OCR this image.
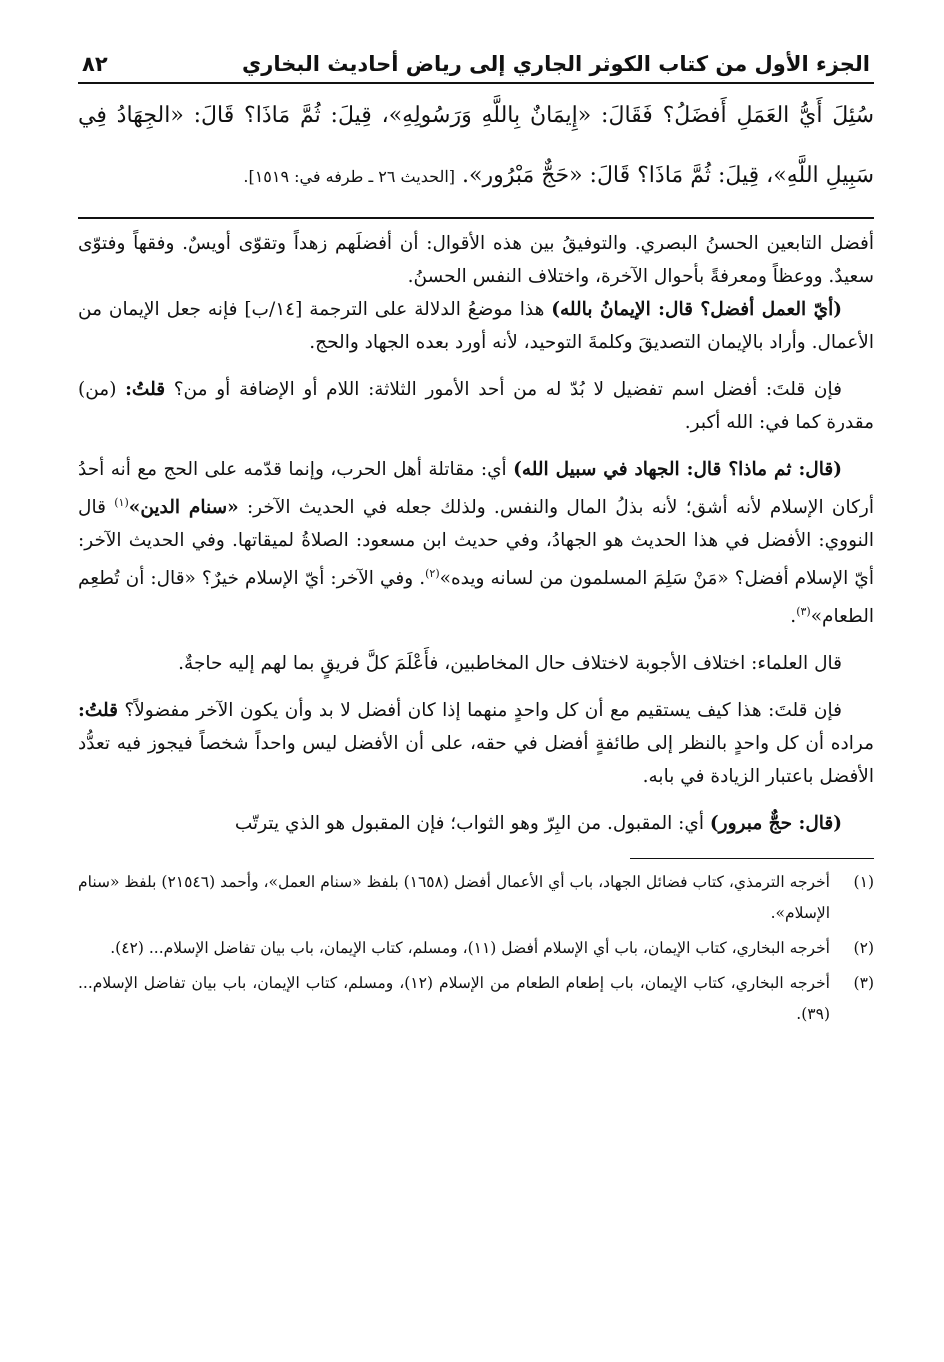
الجزء الأول من كتاب الكوثر الجاري إلى رياض أحاديث البخاري
٨٢
سُئِلَ أَيُّ العَمَلِ أَفضَلُ؟ فَقَالَ: «إِيمَانٌ بِاللَّهِ وَرَسُولِهِ»، قِيلَ: ثُمَّ مَاذَا؟ قَالَ: «الجِهَادُ فِي سَبِيلِ اللَّهِ»، قِيلَ: ثُمَّ مَاذَا؟ قَالَ: «حَجٌّ مَبْرُور». [الحديث ٢٦ ـ طرفه في: ١٥١٩].

أفضل التابعين الحسنُ البصري. والتوفيقُ بين هذه الأقوال: أن أفضلَهم زهداً وتقوّى أويسٌ. وفقهاً وفتوّى سعيدٌ. ووعظاً ومعرفةً بأحوال الآخرة، واختلاف النفس الحسنُ.

(أيّ العمل أفضل؟ قال: الإيمانُ بالله) هذا موضعُ الدلالة على الترجمة [١٤/ب] فإنه جعل الإيمان من الأعمال. وأراد بالإيمان التصديقَ وكلمةَ التوحيد، لأنه أورد بعده الجهاد والحج.

فإن قلتَ: أفضل اسم تفضيل لا بُدّ له من أحد الأمور الثلاثة: اللام أو الإضافة أو من؟ قلتُ: (من) مقدرة كما في: الله أكبر.

(قال: ثم ماذا؟ قال: الجهاد في سبيل الله) أي: مقاتلة أهل الحرب، وإنما قدّمه على الحج مع أنه أحدُ أركان الإسلام لأنه أشق؛ لأنه بذلُ المال والنفس. ولذلك جعله في الحديث الآخر: «سنام الدين»$^{(١)}$ قال النووي: الأفضل في هذا الحديث هو الجهادُ، وفي حديث ابن مسعود: الصلاةُ لميقاتها. وفي الحديث الآخر: أيّ الإسلام أفضل؟ «مَنْ سَلِمَ المسلمون من لسانه ويده»$^{(٢)}$. وفي الآخر: أيّ الإسلام خيرٌ؟ «قال: أن تُطعِم الطعام»$^{(٣)}$.

قال العلماء: اختلاف الأجوبة لاختلاف حال المخاطبين، فأَعْلَمَ كلَّ فريقٍ بما لهم إليه حاجةٌ.

فإن قلتَ: هذا كيف يستقيم مع أن كل واحدٍ منهما إذا كان أفضل لا بد وأن يكون الآخر مفضولاً؟ قلتُ: مراده أن كل واحدٍ بالنظر إلى طائفةٍ أفضل في حقه، على أن الأفضل ليس واحداً شخصاً فيجوز فيه تعدُّد الأفضل باعتبار الزيادة في بابه.

(قال: حجٌّ مبرور) أي: المقبول. من البِرّ وهو الثواب؛ فإن المقبول هو الذي يترتّب

(١)
أخرجه الترمذي، كتاب فضائل الجهاد، باب أي الأعمال أفضل (١٦٥٨) بلفظ «سنام العمل»، وأحمد (٢١٥٤٦) بلفظ «سنام الإسلام».
(٢)
أخرجه البخاري، كتاب الإيمان، باب أي الإسلام أفضل (١١)، ومسلم، كتاب الإيمان، باب بيان تفاضل الإسلام... (٤٢).
(٣)
أخرجه البخاري، كتاب الإيمان، باب إطعام الطعام من الإسلام (١٢)، ومسلم، كتاب الإيمان، باب بيان تفاضل الإسلام... (٣٩).
